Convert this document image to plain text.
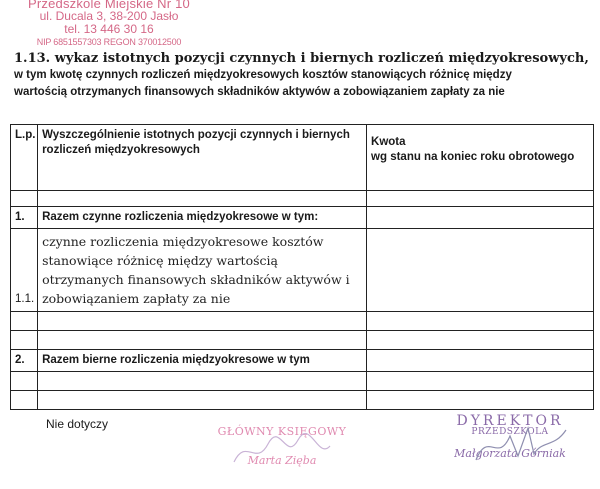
Przedszkole Miejskie Nr 10
ul. Ducala 3, 38-200 Jasło
tel. 13 446 30 16
NIP 6851557303 REGON 370012500
1.13. wykaz istotnych pozycji czynnych i biernych rozliczeń międzyokresowych,
w tym kwotę czynnych rozliczeń międzyokresowych kosztów stanowiących różnicę między
wartością otrzymanych finansowych składników aktywów a zobowiązaniem zapłaty za nie
L.p.	Wyszczególnienie istotnych pozycji czynnych i biernych rozliczeń międzyokresowych	Kwota
wg stanu na koniec roku obrotowego

1.	Razem czynne rozliczenia międzyokresowe w tym:	
1.1.	czynne rozliczenia międzyokresowe kosztów stanowiące różnicę między wartością otrzymanych finansowych składników aktywów i zobowiązaniem zapłaty za nie	

2.	Razem bierne rozliczenia międzyokresowe w tym	

Nie dotyczy
GŁÓWNY KSIĘGOWY
Marta Zięba
DYREKTOR
PRZEDSZKOLA
Małgorzata Górniak
